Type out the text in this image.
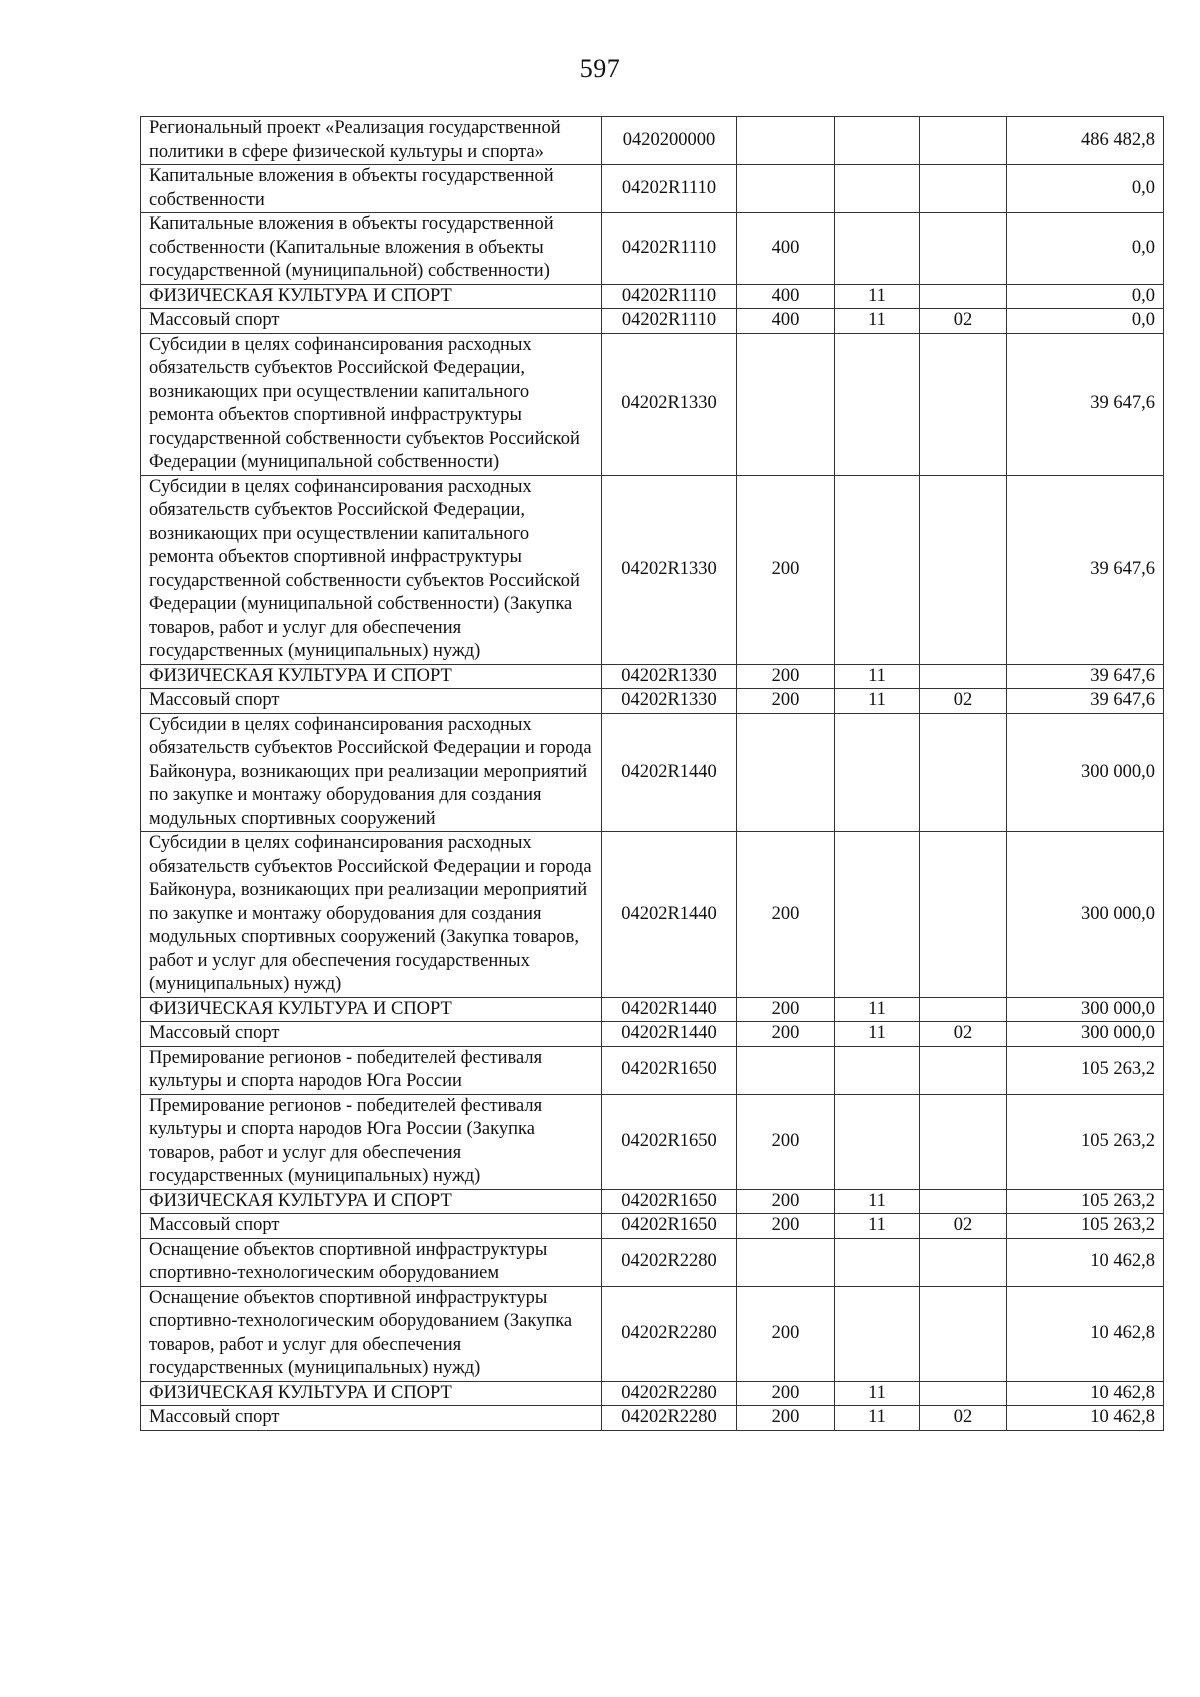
597
Региональный проект «Реализация государственной политики в сфере физической культуры и спорта»	0420200000				486 482,8
Капитальные вложения в объекты государственной собственности	04202R1110				0,0
Капитальные вложения в объекты государственной собственности (Капитальные вложения в объекты государственной (муниципальной) собственности)	04202R1110	400			0,0
ФИЗИЧЕСКАЯ КУЛЬТУРА И СПОРТ	04202R1110	400	11		0,0
Массовый спорт	04202R1110	400	11	02	0,0
Субсидии в целях софинансирования расходных обязательств субъектов Российской Федерации, возникающих при осуществлении капитального ремонта объектов спортивной инфраструктуры государственной собственности субъектов Российской Федерации (муниципальной собственности)	04202R1330				39 647,6
Субсидии в целях софинансирования расходных обязательств субъектов Российской Федерации, возникающих при осуществлении капитального ремонта объектов спортивной инфраструктуры государственной собственности субъектов Российской Федерации (муниципальной собственности) (Закупка товаров, работ и услуг для обеспечения государственных (муниципальных) нужд)	04202R1330	200			39 647,6
ФИЗИЧЕСКАЯ КУЛЬТУРА И СПОРТ	04202R1330	200	11		39 647,6
Массовый спорт	04202R1330	200	11	02	39 647,6
Субсидии в целях софинансирования расходных обязательств субъектов Российской Федерации и города Байконура, возникающих при реализации мероприятий по закупке и монтажу оборудования для создания модульных спортивных сооружений	04202R1440				300 000,0
Субсидии в целях софинансирования расходных обязательств субъектов Российской Федерации и города Байконура, возникающих при реализации мероприятий по закупке и монтажу оборудования для создания модульных спортивных сооружений (Закупка товаров, работ и услуг для обеспечения государственных (муниципальных) нужд)	04202R1440	200			300 000,0
ФИЗИЧЕСКАЯ КУЛЬТУРА И СПОРТ	04202R1440	200	11		300 000,0
Массовый спорт	04202R1440	200	11	02	300 000,0
Премирование регионов - победителей фестиваля культуры и спорта народов Юга России	04202R1650				105 263,2
Премирование регионов - победителей фестиваля культуры и спорта народов Юга России (Закупка товаров, работ и услуг для обеспечения государственных (муниципальных) нужд)	04202R1650	200			105 263,2
ФИЗИЧЕСКАЯ КУЛЬТУРА И СПОРТ	04202R1650	200	11		105 263,2
Массовый спорт	04202R1650	200	11	02	105 263,2
Оснащение объектов спортивной инфраструктуры спортивно-технологическим оборудованием	04202R2280				10 462,8
Оснащение объектов спортивной инфраструктуры спортивно-технологическим оборудованием (Закупка товаров, работ и услуг для обеспечения государственных (муниципальных) нужд)	04202R2280	200			10 462,8
ФИЗИЧЕСКАЯ КУЛЬТУРА И СПОРТ	04202R2280	200	11		10 462,8
Массовый спорт	04202R2280	200	11	02	10 462,8
